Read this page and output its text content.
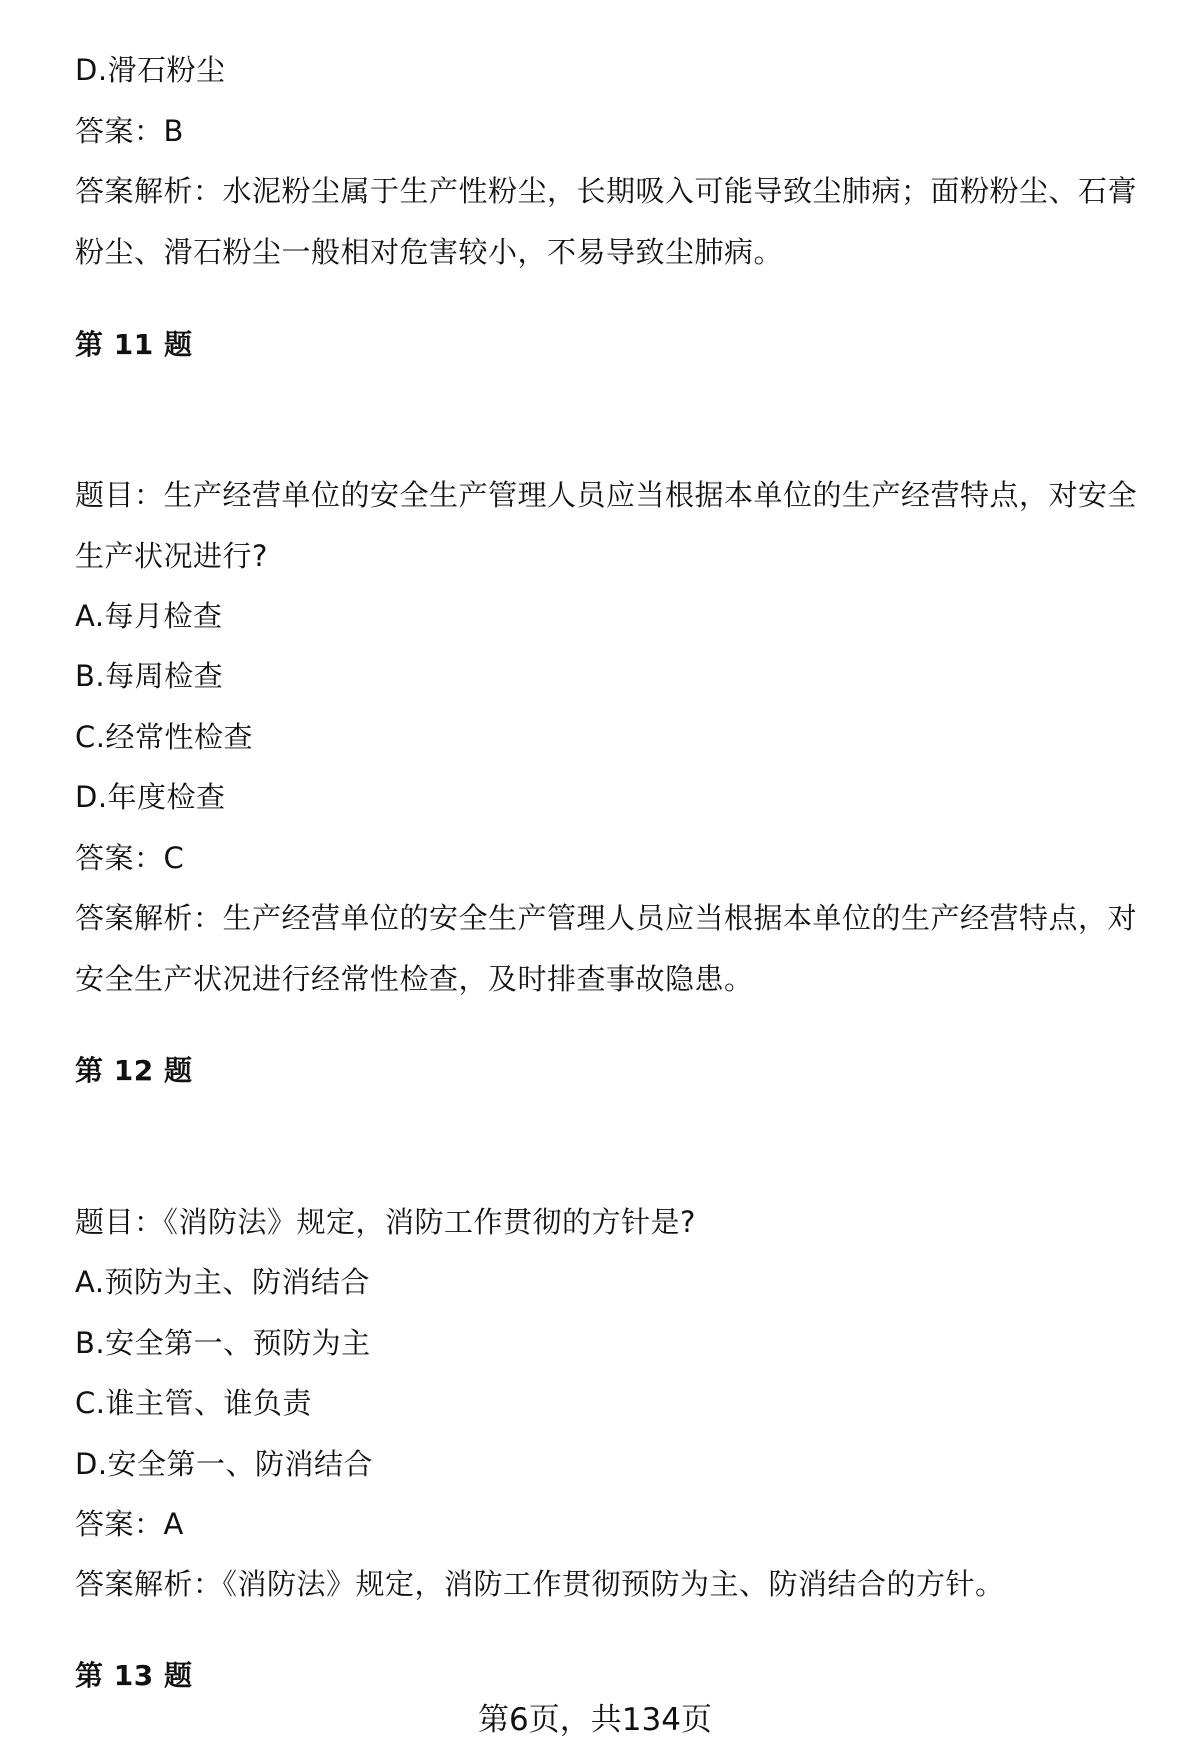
D.滑石粉尘
答案：B
答案解析：水泥粉尘属于生产性粉尘，长期吸入可能导致尘肺病；面粉粉尘、石膏
粉尘、滑石粉尘一般相对危害较小，不易导致尘肺病。
第 11 题
题目：生产经营单位的安全生产管理人员应当根据本单位的生产经营特点，对安全
生产状况进行?
A.每月检查
B.每周检查
C.经常性检查
D.年度检查
答案：C
答案解析：生产经营单位的安全生产管理人员应当根据本单位的生产经营特点，对
安全生产状况进行经常性检查，及时排查事故隐患。
第 12 题
题目：《消防法》规定，消防工作贯彻的方针是?
A.预防为主、防消结合
B.安全第一、预防为主
C.谁主管、谁负责
D.安全第一、防消结合
答案：A
答案解析：《消防法》规定，消防工作贯彻预防为主、防消结合的方针。
第 13 题
第6页，共134页
